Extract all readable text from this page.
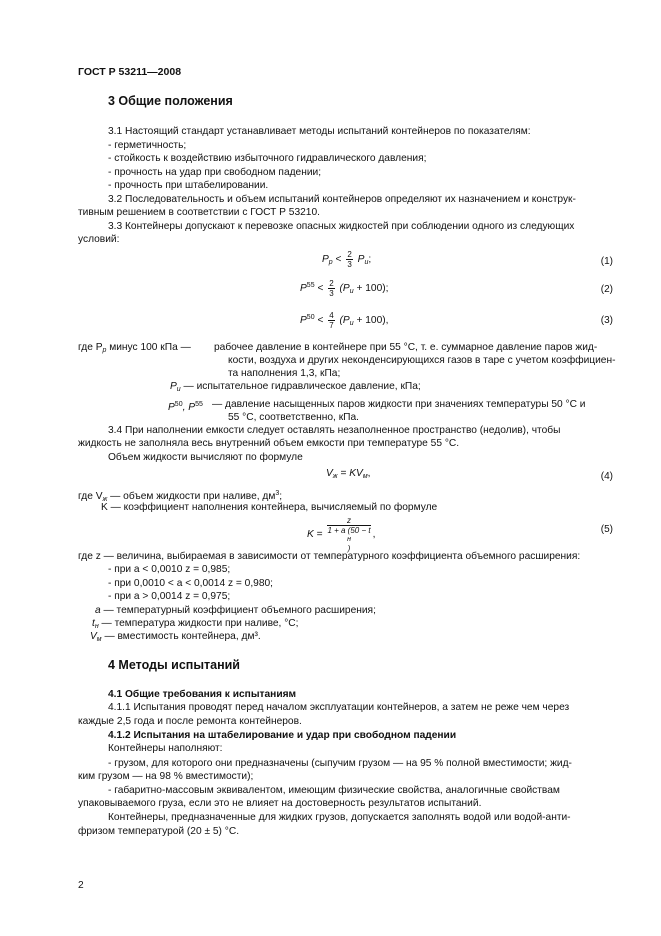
ГОСТ Р 53211—2008
3 Общие положения
3.1 Настоящий стандарт устанавливает методы испытаний контейнеров по показателям:
- герметичность;
- стойкость к воздействию избыточного гидравлического давления;
- прочность на удар при свободном падении;
- прочность при штабелировании.
3.2 Последовательность и объем испытаний контейнеров определяют их назначением и конструк-
тивным решением в соответствии с ГОСТ Р 53210.
3.3 Контейнеры допускают к перевозке опасных жидкостей при соблюдении одного из следующих
условий:
$P_р < \frac{2}{3} P_и$;	(1)
$P^{55} < \frac{2}{3} (P_и + 100)$;	(2)
$P^{50} < \frac{4}{7} (P_и + 100)$,	(3)
где $P_р$ минус 100 кПа — рабочее давление в контейнере при 55 °C, т. е. суммарное давление паров жид-
кости, воздуха и других неконденсирующихся газов в таре с учетом коэффициен-
та наполнения 1,3, кПа;
$P_и$ — испытательное гидравлическое давление, кПа;
$P^{50}$, $P^{55}$ — давление насыщенных паров жидкости при значениях температуры 50 °C и
55 °C, соответственно, кПа.
3.4 При наполнении емкости следует оставлять незаполненное пространство (недолив), чтобы
жидкость не заполняла весь внутренний объем емкости при температуре 55 °C.
Объем жидкости вычисляют по формуле
$V_ж = KV_м$,	(4)
где $V_ж$ — объем жидкости при наливе, $дм^3$;
K — коэффициент наполнения контейнера, вычисляемый по формуле
K = z
1 + a (50 − t
н
) ,	(5)
где z — величина, выбираемая в зависимости от температурного коэффициента объемного расширения:
- при a < 0,0010 z = 0,985;
- при 0,0010 < a < 0,0014 z = 0,980;
- при a > 0,0014 z = 0,975;
a — температурный коэффициент объемного расширения;
$t_н$ — температура жидкости при наливе, °C;
$V_м$ — вместимость контейнера, дм³.
4 Методы испытаний
4.1 Общие требования к испытаниям
4.1.1 Испытания проводят перед началом эксплуатации контейнеров, а затем не реже чем через
каждые 2,5 года и после ремонта контейнеров.
4.1.2 Испытания на штабелирование и удар при свободном падении
Контейнеры наполняют:
- грузом, для которого они предназначены (сыпучим грузом — на 95 % полной вместимости; жид-
ким грузом — на 98 % вместимости);
- габаритно-массовым эквивалентом, имеющим физические свойства, аналогичные свойствам
упаковываемого груза, если это не влияет на достоверность результатов испытаний.
Контейнеры, предназначенные для жидких грузов, допускается заполнять водой или водой-анти-
фризом температурой (20 ± 5) °C.
2
